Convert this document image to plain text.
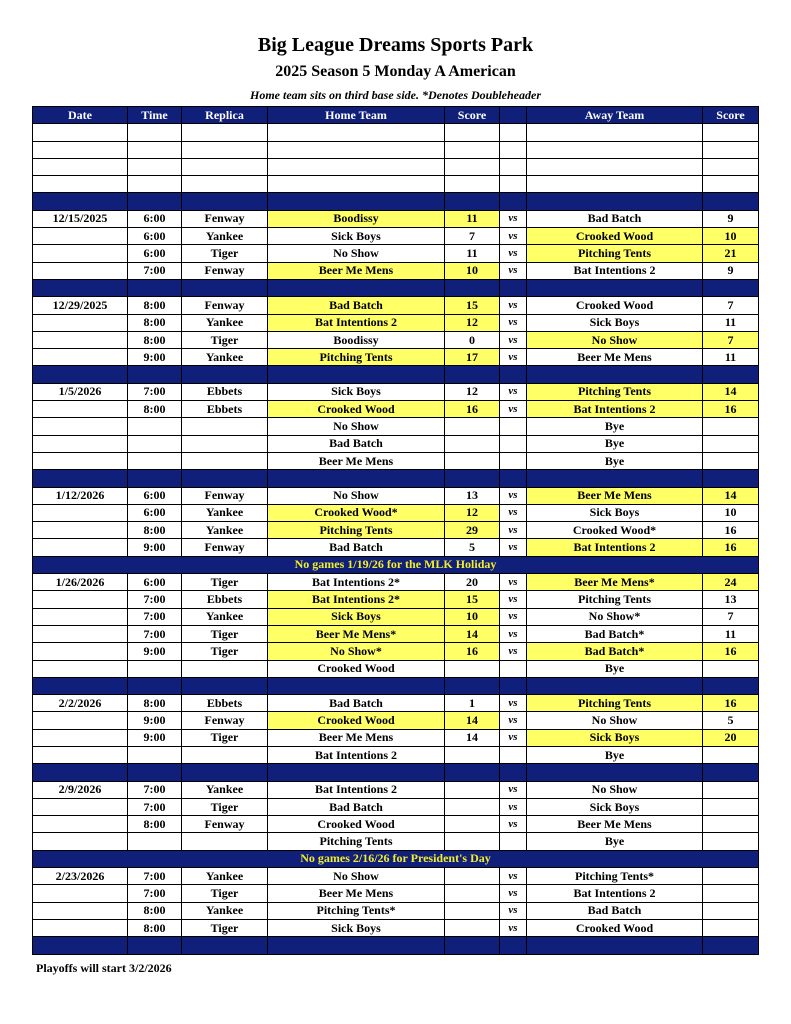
Big League Dreams Sports Park
2025 Season 5 Monday A American
Home team sits on third base side. *Denotes Doubleheader
Date	Time	Replica	Home Team	Score		Away Team	Score

12/15/2025	6:00	Fenway	Boodissy	11	vs	Bad Batch	9
	6:00	Yankee	Sick Boys	7	vs	Crooked Wood	10
	6:00	Tiger	No Show	11	vs	Pitching Tents	21
	7:00	Fenway	Beer Me Mens	10	vs	Bat Intentions 2	9

12/29/2025	8:00	Fenway	Bad Batch	15	vs	Crooked Wood	7
	8:00	Yankee	Bat Intentions 2	12	vs	Sick Boys	11
	8:00	Tiger	Boodissy	0	vs	No Show	7
	9:00	Yankee	Pitching Tents	17	vs	Beer Me Mens	11

1/5/2026	7:00	Ebbets	Sick Boys	12	vs	Pitching Tents	14
	8:00	Ebbets	Crooked Wood	16	vs	Bat Intentions 2	16
			No Show			Bye	
			Bad Batch			Bye	
			Beer Me Mens			Bye	

1/12/2026	6:00	Fenway	No Show	13	vs	Beer Me Mens	14
	6:00	Yankee	Crooked Wood*	12	vs	Sick Boys	10
	8:00	Yankee	Pitching Tents	29	vs	Crooked Wood*	16
	9:00	Fenway	Bad Batch	5	vs	Bat Intentions 2	16
No games 1/19/26 for the MLK Holiday							
1/26/2026	6:00	Tiger	Bat Intentions 2*	20	vs	Beer Me Mens*	24
	7:00	Ebbets	Bat Intentions 2*	15	vs	Pitching Tents	13
	7:00	Yankee	Sick Boys	10	vs	No Show*	7
	7:00	Tiger	Beer Me Mens*	14	vs	Bad Batch*	11
	9:00	Tiger	No Show*	16	vs	Bad Batch*	16
			Crooked Wood			Bye	

2/2/2026	8:00	Ebbets	Bad Batch	1	vs	Pitching Tents	16
	9:00	Fenway	Crooked Wood	14	vs	No Show	5
	9:00	Tiger	Beer Me Mens	14	vs	Sick Boys	20
			Bat Intentions 2			Bye	

2/9/2026	7:00	Yankee	Bat Intentions 2		vs	No Show	
	7:00	Tiger	Bad Batch		vs	Sick Boys	
	8:00	Fenway	Crooked Wood		vs	Beer Me Mens	
			Pitching Tents			Bye	
No games 2/16/26 for President's Day							
2/23/2026	7:00	Yankee	No Show		vs	Pitching Tents*	
	7:00	Tiger	Beer Me Mens		vs	Bat Intentions 2	
	8:00	Yankee	Pitching Tents*		vs	Bad Batch	
	8:00	Tiger	Sick Boys		vs	Crooked Wood	

Playoffs will start 3/2/2026
